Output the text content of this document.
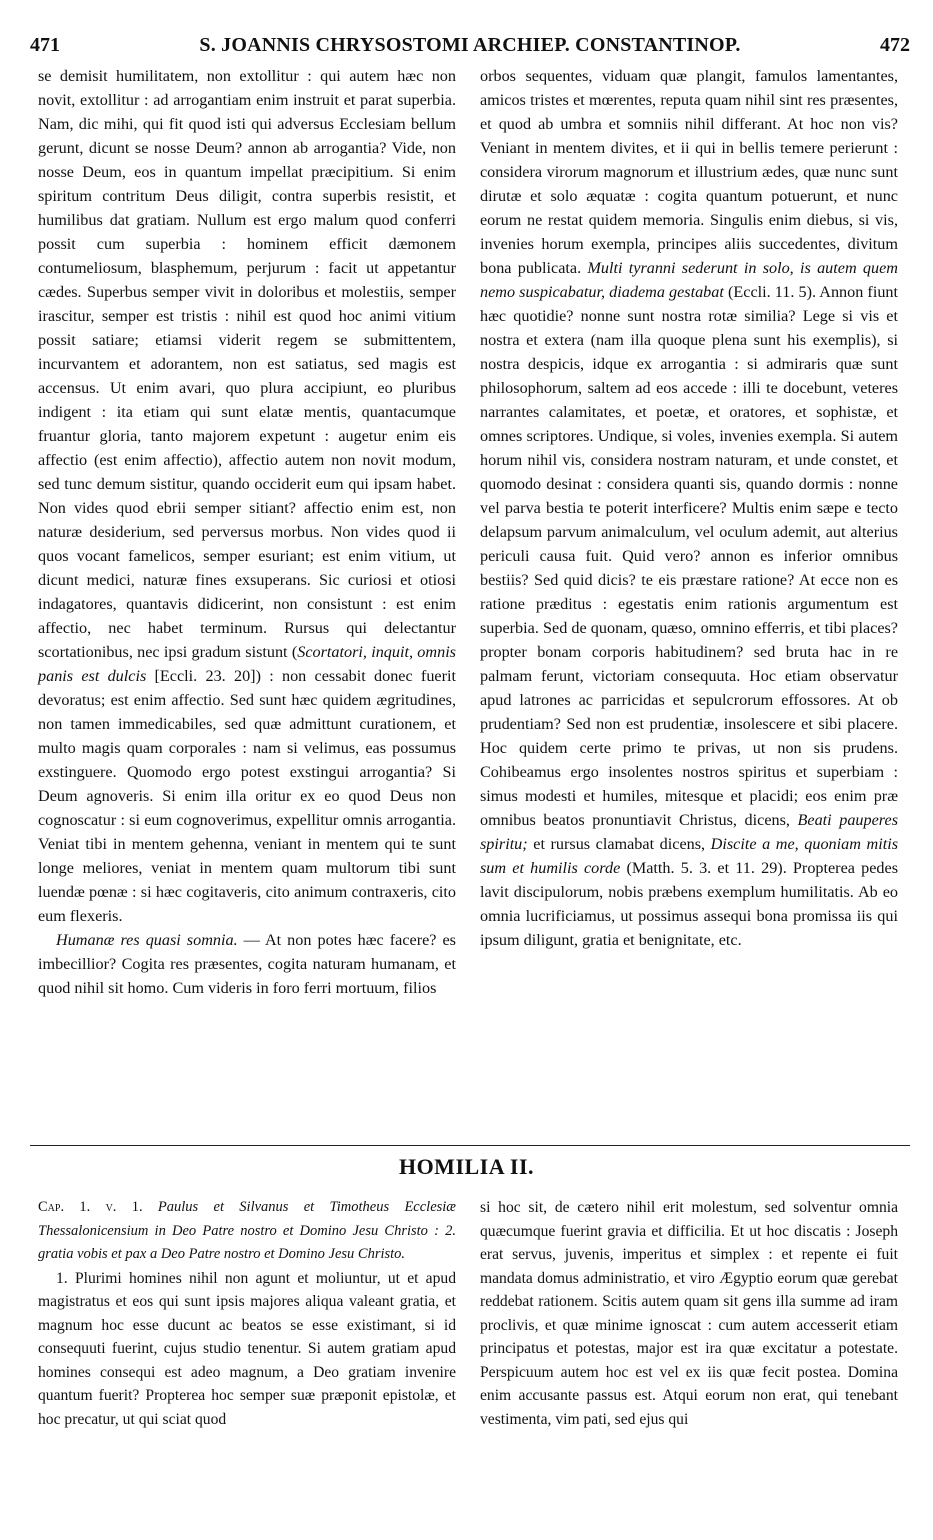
471	S. JOANNIS CHRYSOSTOMI ARCHIEP. CONSTANTINOP.	472

se demisit humilitatem, non extollitur : qui autem hæc non novit, extollitur : ad arrogantiam enim instruit et parat superbia. Nam, dic mihi, qui fit quod isti qui adversus Ecclesiam bellum gerunt, dicunt se nosse Deum? annon ab arrogantia? Vide, non nosse Deum, eos in quantum impellat præcipitium. Si enim spiritum contritum Deus diligit, contra superbis resistit, et humilibus dat gratiam. Nullum est ergo malum quod conferri possit cum superbia : hominem efficit dæmonem contumeliosum, blasphemum, perjurum : facit ut appetantur cædes. Superbus semper vivit in doloribus et molestiis, semper irascitur, semper est tristis : nihil est quod hoc animi vitium possit satiare; etiamsi viderit regem se submittentem, incurvantem et adorantem, non est satiatus, sed magis est accensus. Ut enim avari, quo plura accipiunt, eo pluribus indigent : ita etiam qui sunt elatæ mentis, quantacumque fruantur gloria, tanto majorem expetunt : augetur enim eis affectio (est enim affectio), affectio autem non novit modum, sed tunc demum sistitur, quando occiderit eum qui ipsam habet. Non vides quod ebrii semper sitiant? affectio enim est, non naturæ desiderium, sed perversus morbus. Non vides quod ii quos vocant famelicos, semper esuriant; est enim vitium, ut dicunt medici, naturæ fines exsuperans. Sic curiosi et otiosi indagatores, quantavis didicerint, non consistunt : est enim affectio, nec habet terminum. Rursus qui delectantur scortationibus, nec ipsi gradum sistunt (Scortatori, inquit, omnis panis est dulcis [Eccli. 23. 20]) : non cessabit donec fuerit devoratus; est enim affectio. Sed sunt hæc quidem ægritudines, non tamen immedicabiles, sed quæ admittunt curationem, et multo magis quam corporales : nam si velimus, eas possumus exstinguere. Quomodo ergo potest exstingui arrogantia? Si Deum agnoveris. Si enim illa oritur ex eo quod Deus non cognoscatur : si eum cognoverimus, expellitur omnis arrogantia. Veniat tibi in mentem gehenna, veniant in mentem qui te sunt longe meliores, veniat in mentem quam multorum tibi sunt luendæ pœnæ : si hæc cogitaveris, cito animum contraxeris, cito eum flexeris.

Humanæ res quasi somnia. — At non potes hæc facere? es imbecillior? Cogita res præsentes, cogita naturam humanam, et quod nihil sit homo. Cum videris in foro ferri mortuum, filios

orbos sequentes, viduam quæ plangit, famulos lamentantes, amicos tristes et mœrentes, reputa quam nihil sint res præsentes, et quod ab umbra et somniis nihil differant. At hoc non vis? Veniant in mentem divites, et ii qui in bellis temere perierunt : considera virorum magnorum et illustrium ædes, quæ nunc sunt dirutæ et solo æquatæ : cogita quantum potuerunt, et nunc eorum ne restat quidem memoria. Singulis enim diebus, si vis, invenies horum exempla, principes aliis succedentes, divitum bona publicata. Multi tyranni sederunt in solo, is autem quem nemo suspicabatur, diadema gestabat (Eccli. 11. 5). Annon fiunt hæc quotidie? nonne sunt nostra rotæ similia? Lege si vis et nostra et extera (nam illa quoque plena sunt his exemplis), si nostra despicis, idque ex arrogantia : si admiraris quæ sunt philosophorum, saltem ad eos accede : illi te docebunt, veteres narrantes calamitates, et poetæ, et oratores, et sophistæ, et omnes scriptores. Undique, si voles, invenies exempla. Si autem horum nihil vis, considera nostram naturam, et unde constet, et quomodo desinat : considera quanti sis, quando dormis : nonne vel parva bestia te poterit interficere? Multis enim sæpe e tecto delapsum parvum animalculum, vel oculum ademit, aut alterius periculi causa fuit. Quid vero? annon es inferior omnibus bestiis? Sed quid dicis? te eis præstare ratione? At ecce non es ratione præditus : egestatis enim rationis argumentum est superbia. Sed de quonam, quæso, omnino efferris, et tibi places? propter bonam corporis habitudinem? sed bruta hac in re palmam ferunt, victoriam consequuta. Hoc etiam observatur apud latrones ac parricidas et sepulcrorum effossores. At ob prudentiam? Sed non est prudentiæ, insolescere et sibi placere. Hoc quidem certe primo te privas, ut non sis prudens. Cohibeamus ergo insolentes nostros spiritus et superbiam : simus modesti et humiles, mitesque et placidi; eos enim præ omnibus beatos pronuntiavit Christus, dicens, Beati pauperes spiritu; et rursus clamabat dicens, Discite a me, quoniam mitis sum et humilis corde (Matth. 5. 3. et 11. 29). Propterea pedes lavit discipulorum, nobis præbens exemplum humilitatis. Ab eo omnia lucrificiamus, ut possimus assequi bona promissa iis qui ipsum diligunt, gratia et benignitate, etc.

HOMILIA II.

Cap. 1. v. 1. Paulus et Silvanus et Timotheus Ecclesiæ Thessalonicensium in Deo Patre nostro et Domino Jesu Christo : 2. gratia vobis et pax a Deo Patre nostro et Domino Jesu Christo.

1. Plurimi homines nihil non agunt et moliuntur, ut et apud magistratus et eos qui sunt ipsis majores aliqua valeant gratia, et magnum hoc esse ducunt ac beatos se esse existimant, si id consequuti fuerint, cujus studio tenentur. Si autem gratiam apud homines consequi est adeo magnum, a Deo gratiam invenire quantum fuerit? Propterea hoc semper suæ præponit epistolæ, et hoc precatur, ut qui sciat quod

si hoc sit, de cætero nihil erit molestum, sed solventur omnia quæcumque fuerint gravia et difficilia. Et ut hoc discatis : Joseph erat servus, juvenis, imperitus et simplex : et repente ei fuit mandata domus administratio, et viro Ægyptio eorum quæ gerebat reddebat rationem. Scitis autem quam sit gens illa summe ad iram proclivis, et quæ minime ignoscat : cum autem accesserit etiam principatus et potestas, major est ira quæ excitatur a potestate. Perspicuum autem hoc est vel ex iis quæ fecit postea. Domina enim accusante passus est. Atqui eorum non erat, qui tenebant vestimenta, vim pati, sed ejus qui
